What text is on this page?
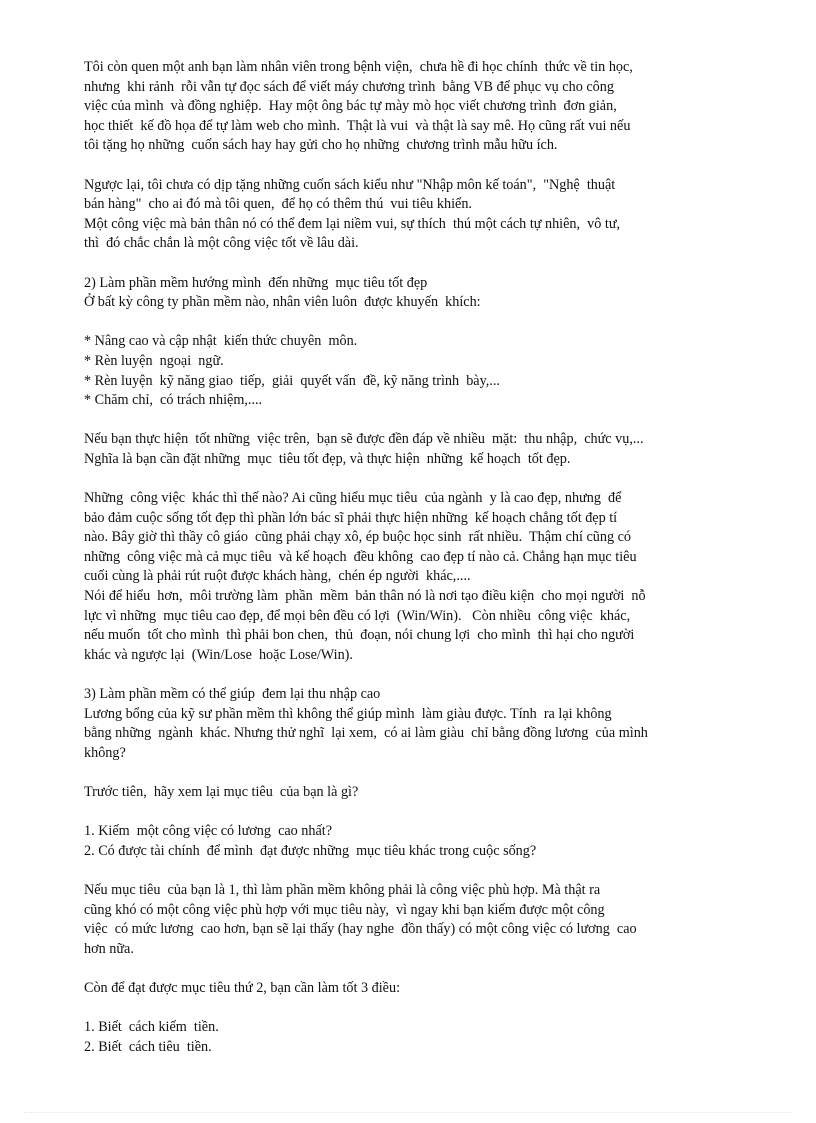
Tôi còn quen một anh bạn làm nhân viên trong bệnh viện,  chưa hề đi học chính  thức về tin học,
nhưng  khi rảnh  rỗi vẫn tự đọc sách để viết máy chương trình  bằng VB để phục vụ cho công
việc của mình  và đồng nghiệp.  Hay một ông bác tự mày mò học viết chương trình  đơn giản,
học thiết  kế đồ họa để tự làm web cho mình.  Thật là vui  và thật là say mê. Họ cũng rất vui nếu
tôi tặng họ những  cuốn sách hay hay gửi cho họ những  chương trình mẫu hữu ích.
Ngược lại, tôi chưa có dịp tặng những cuốn sách kiểu như "Nhập môn kế toán",  "Nghệ  thuật
bán hàng"  cho ai đó mà tôi quen,  để họ có thêm thú  vui tiêu khiển.
Một công việc mà bản thân nó có thể đem lại niềm vui, sự thích  thú một cách tự nhiên,  vô tư,
thì  đó chắc chắn là một công việc tốt về lâu dài.
2) Làm phần mềm hướng mình  đến những  mục tiêu tốt đẹp
Ở bất kỳ công ty phần mềm nào, nhân viên luôn  được khuyến  khích:
* Nâng cao và cập nhật  kiến thức chuyên  môn.
* Rèn luyện  ngoại  ngữ.
* Rèn luyện  kỹ năng giao  tiếp,  giải  quyết vấn  đề, kỹ năng trình  bày,...
* Chăm chỉ,  có trách nhiệm,....
Nếu bạn thực hiện  tốt những  việc trên,  bạn sẽ được đền đáp về nhiều  mặt:  thu nhập,  chức vụ,...
Nghĩa là bạn cần đặt những  mục  tiêu tốt đẹp, và thực hiện  những  kế hoạch  tốt đẹp.
Những  công việc  khác thì thế nào? Ai cũng hiểu mục tiêu  của ngành  y là cao đẹp, nhưng  để
bảo đảm cuộc sống tốt đẹp thì phần lớn bác sĩ phải thực hiện những  kế hoạch chẳng tốt đẹp tí
nào. Bây giờ thì thầy cô giáo  cũng phải chạy xô, ép buộc học sinh  rất nhiều.  Thậm chí cũng có
những  công việc mà cả mục tiêu  và kế hoạch  đều không  cao đẹp tí nào cả. Chẳng hạn mục tiêu
cuối cùng là phải rút ruột được khách hàng,  chén ép người  khác,....
Nói để hiểu  hơn,  môi trường làm  phần  mềm  bản thân nó là nơi tạo điều kiện  cho mọi người  nỗ
lực vì những  mục tiêu cao đẹp, để mọi bên đều có lợi  (Win/Win).   Còn nhiều  công việc  khác,
nếu muốn  tốt cho mình  thì phải bon chen,  thủ  đoạn, nói chung lợi  cho mình  thì hại cho người
khác và ngược lại  (Win/Lose  hoặc Lose/Win).
3) Làm phần mềm có thể giúp  đem lại thu nhập cao
Lương bổng của kỹ sư phần mềm thì không thể giúp mình  làm giàu được. Tính  ra lại không
bằng những  ngành  khác. Nhưng thử nghĩ  lại xem,  có ai làm giàu  chỉ bằng đồng lương  của mình
không?
Trước tiên,  hãy xem lại mục tiêu  của bạn là gì?
1. Kiếm  một công việc có lương  cao nhất?
2. Có được tài chính  để mình  đạt được những  mục tiêu khác trong cuộc sống?
Nếu mục tiêu  của bạn là 1, thì làm phần mềm không phải là công việc phù hợp. Mà thật ra
cũng khó có một công việc phù hợp với mục tiêu này,  vì ngay khi bạn kiếm được một công
việc  có mức lương  cao hơn, bạn sẽ lại thấy (hay nghe  đồn thấy) có một công việc có lương  cao
hơn nữa.
Còn để đạt được mục tiêu thứ 2, bạn cần làm tốt 3 điều:
1. Biết  cách kiếm  tiền.
2. Biết  cách tiêu  tiền.
